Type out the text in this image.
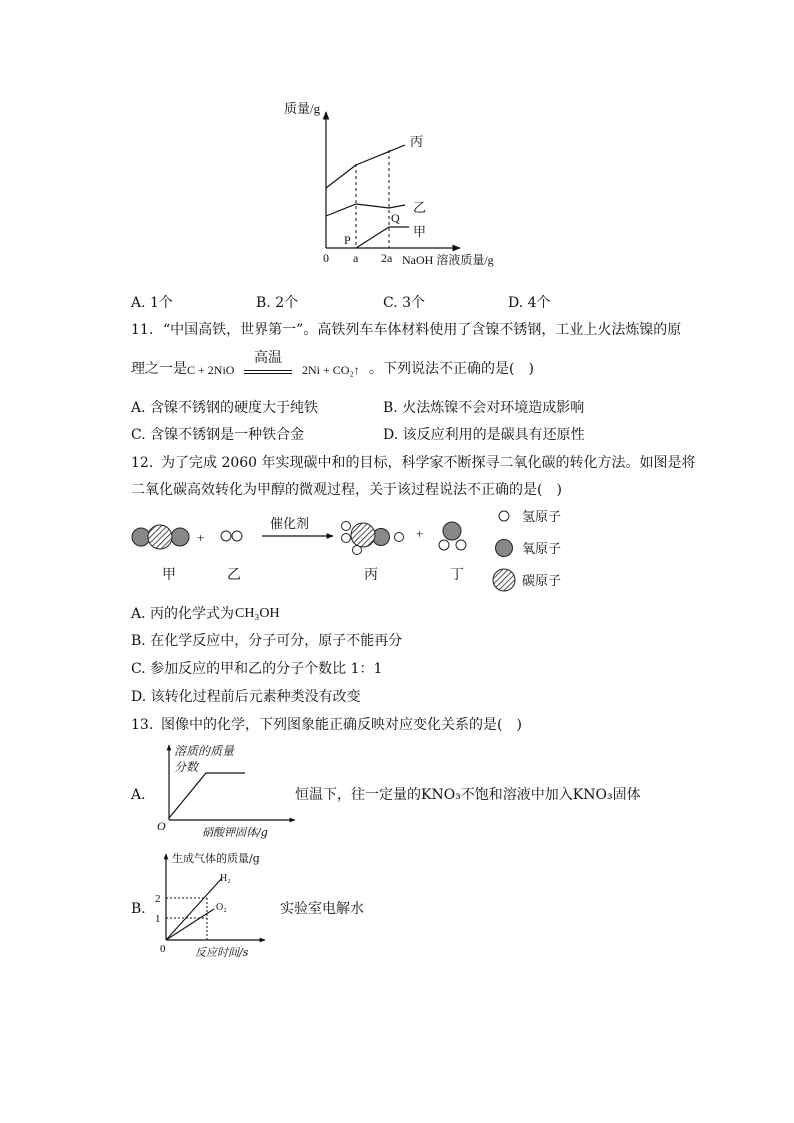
质量/g
0 a 2a NaOH 溶液质量/g
丙
乙
甲
P
Q
A. 1个	B. 2个	C. 3个	D. 4个
11. “中国高铁，世界第一”。高铁列车车体材料使用了含镍不锈钢，工业上火法炼镍的原
理之一是 C + 2NiO
高温
2Ni + CO₂↑ 。下列说法不正确的是(　)
A. 含镍不锈钢的硬度大于纯铁	B. 火法炼镍不会对环境造成影响
C. 含镍不锈钢是一种铁合金	D. 该反应利用的是碳具有还原性
12. 为了完成 2060 年实现碳中和的目标，科学家不断探寻二氧化碳的转化方法。如图是将
二氧化碳高效转化为甲醇的微观过程，关于该过程说法不正确的是(　)
+
催化剂
+
甲	乙	丙	丁
氢原子
氧原子
碳原子
A. 丙的化学式为 CH₃OH
B. 在化学反应中，分子可分，原子不能再分
C. 参加反应的甲和乙的分子个数比 1：1
D. 该转化过程前后元素种类没有改变
13. 图像中的化学，下列图象能正确反映对应变化关系的是(　)
A.
溶质的质量
分数
O	硝酸钾固体/g
恒温下，往一定量的KNO₃不饱和溶液中加入KNO₃固体
B.
生成气体的质量/g
2
1
0	反应时间/s
H₂
O₂	实验室电解水
